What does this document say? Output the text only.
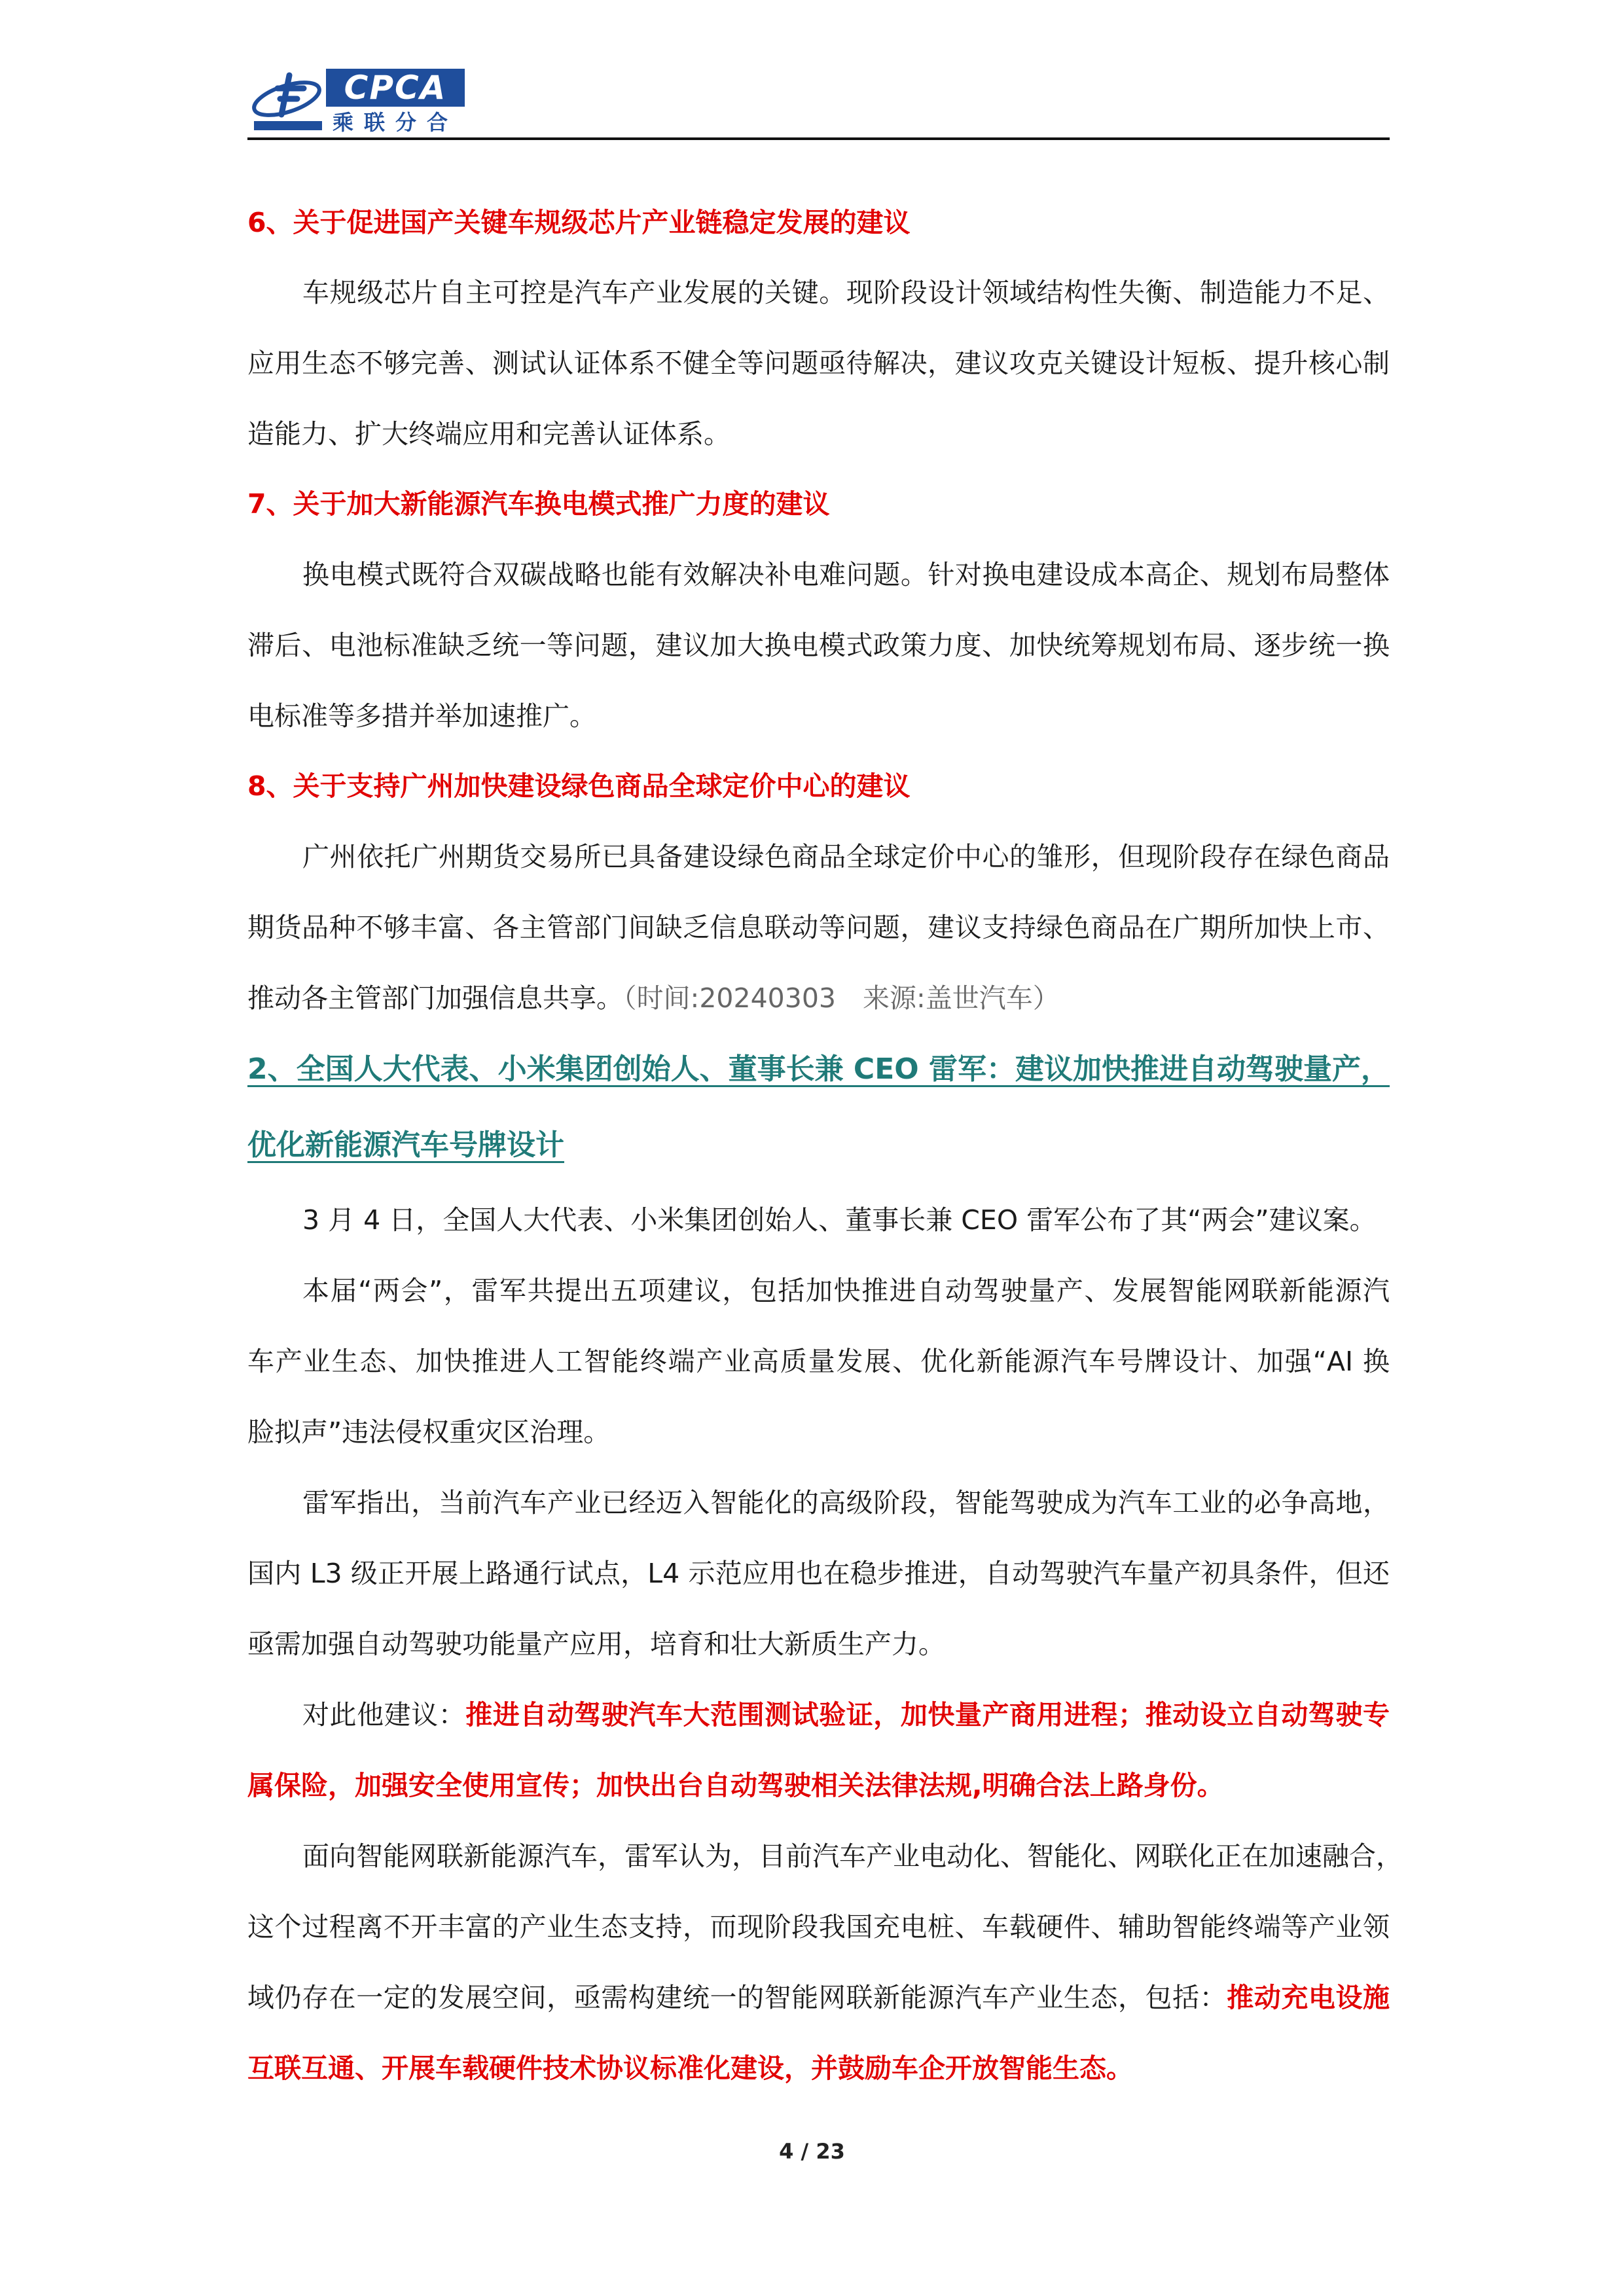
CPCA
乘联分合

6、关于促进国产关键车规级芯片产业链稳定发展的建议

车规级芯片自主可控是汽车产业发展的关键。现阶段设计领域结构性失衡、制造能力不足、

应用生态不够完善、测试认证体系不健全等问题亟待解决，建议攻克关键设计短板、提升核心制

造能力、扩大终端应用和完善认证体系。

7、关于加大新能源汽车换电模式推广力度的建议

换电模式既符合双碳战略也能有效解决补电难问题。针对换电建设成本高企、规划布局整体

滞后、电池标准缺乏统一等问题，建议加大换电模式政策力度、加快统筹规划布局、逐步统一换

电标准等多措并举加速推广。

8、关于支持广州加快建设绿色商品全球定价中心的建议

广州依托广州期货交易所已具备建设绿色商品全球定价中心的雏形，但现阶段存在绿色商品

期货品种不够丰富、各主管部门间缺乏信息联动等问题，建议支持绿色商品在广期所加快上市、

推动各主管部门加强信息共享。（时间:20240303　来源:盖世汽车）

2、全国人大代表、小米集团创始人、董事长兼 CEO 雷军：建议加快推进自动驾驶量产，

优化新能源汽车号牌设计

3 月 4 日，全国人大代表、小米集团创始人、董事长兼 CEO 雷军公布了其“两会”建议案。

本届“两会”，雷军共提出五项建议，包括加快推进自动驾驶量产、发展智能网联新能源汽

车产业生态、加快推进人工智能终端产业高质量发展、优化新能源汽车号牌设计、加强“AI 换

脸拟声”违法侵权重灾区治理。

雷军指出，当前汽车产业已经迈入智能化的高级阶段，智能驾驶成为汽车工业的必争高地，

国内 L3 级正开展上路通行试点，L4 示范应用也在稳步推进，自动驾驶汽车量产初具条件，但还

亟需加强自动驾驶功能量产应用，培育和壮大新质生产力。

对此他建议：推进自动驾驶汽车大范围测试验证，加快量产商用进程；推动设立自动驾驶专

属保险，加强安全使用宣传；加快出台自动驾驶相关法律法规,明确合法上路身份。

面向智能网联新能源汽车，雷军认为，目前汽车产业电动化、智能化、网联化正在加速融合，

这个过程离不开丰富的产业生态支持，而现阶段我国充电桩、车载硬件、辅助智能终端等产业领

域仍存在一定的发展空间，亟需构建统一的智能网联新能源汽车产业生态，包括：推动充电设施

互联互通、开展车载硬件技术协议标准化建设，并鼓励车企开放智能生态。

4 / 23
